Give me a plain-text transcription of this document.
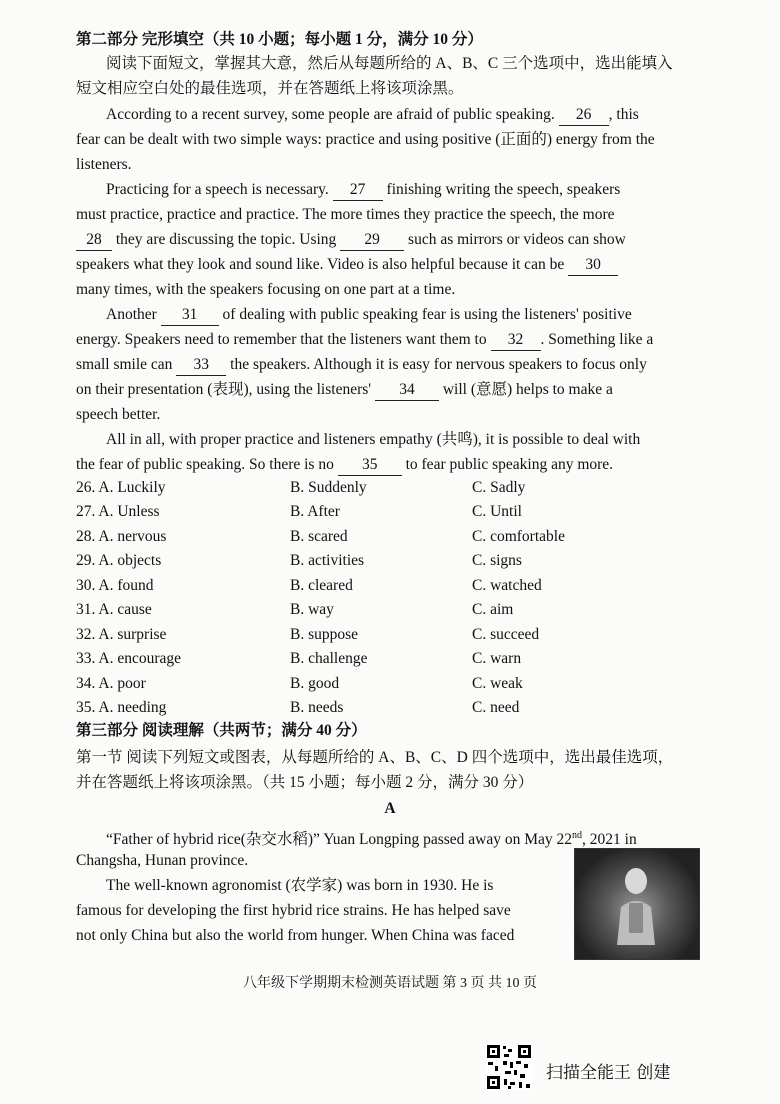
第二部分 完形填空（共 10 小题；每小题 1 分，满分 10 分）
阅读下面短文，掌握其大意，然后从每题所给的 A、B、C 三个选项中，选出能填入
短文相应空白处的最佳选项，并在答题纸上将该项涂黑。
According to a recent survey, some people are afraid of public speaking. 26 , this
fear can be dealt with two simple ways: practice and using positive (正面的) energy from the
listeners.
Practicing for a speech is necessary. 27 finishing writing the speech, speakers
must practice, practice and practice. The more times they practice the speech, the more
28 they are discussing the topic. Using 29 such as mirrors or videos can show
speakers what they look and sound like. Video is also helpful because it can be 30
many times, with the speakers focusing on one part at a time.
Another 31 of dealing with public speaking fear is using the listeners' positive
energy. Speakers need to remember that the listeners want them to 32 . Something like a
small smile can 33 the speakers. Although it is easy for nervous speakers to focus only
on their presentation (表现), using the listeners' 34 will (意愿) helps to make a
speech better.
All in all, with proper practice and listeners empathy (共鸣), it is possible to deal with
the fear of public speaking. So there is no 35 to fear public speaking any more.
26. A. Luckily	B. Suddenly	C. Sadly
27. A. Unless	B. After	C. Until
28. A. nervous	B. scared	C. comfortable
29. A. objects	B. activities	C. signs
30. A. found	B. cleared	C. watched
31. A. cause	B. way	C. aim
32. A. surprise	B. suppose	C. succeed
33. A. encourage	B. challenge	C. warn
34. A. poor	B. good	C. weak
35. A. needing	B. needs	C. need
第三部分 阅读理解（共两节；满分 40 分）
第一节 阅读下列短文或图表，从每题所给的 A、B、C、D 四个选项中，选出最佳选项，
并在答题纸上将该项涂黑。（共 15 小题；每小题 2 分，满分 30 分）
A
“Father of hybrid rice(杂交水稻)” Yuan Longping passed away on May 22nd, 2021 in
Changsha, Hunan province.
The well-known agronomist (农学家) was born in 1930. He is
famous for developing the first hybrid rice strains. He has helped save
not only China but also the world from hunger. When China was faced
八年级下学期期末检测英语试题 第 3 页 共 10 页
扫描全能王 创建
